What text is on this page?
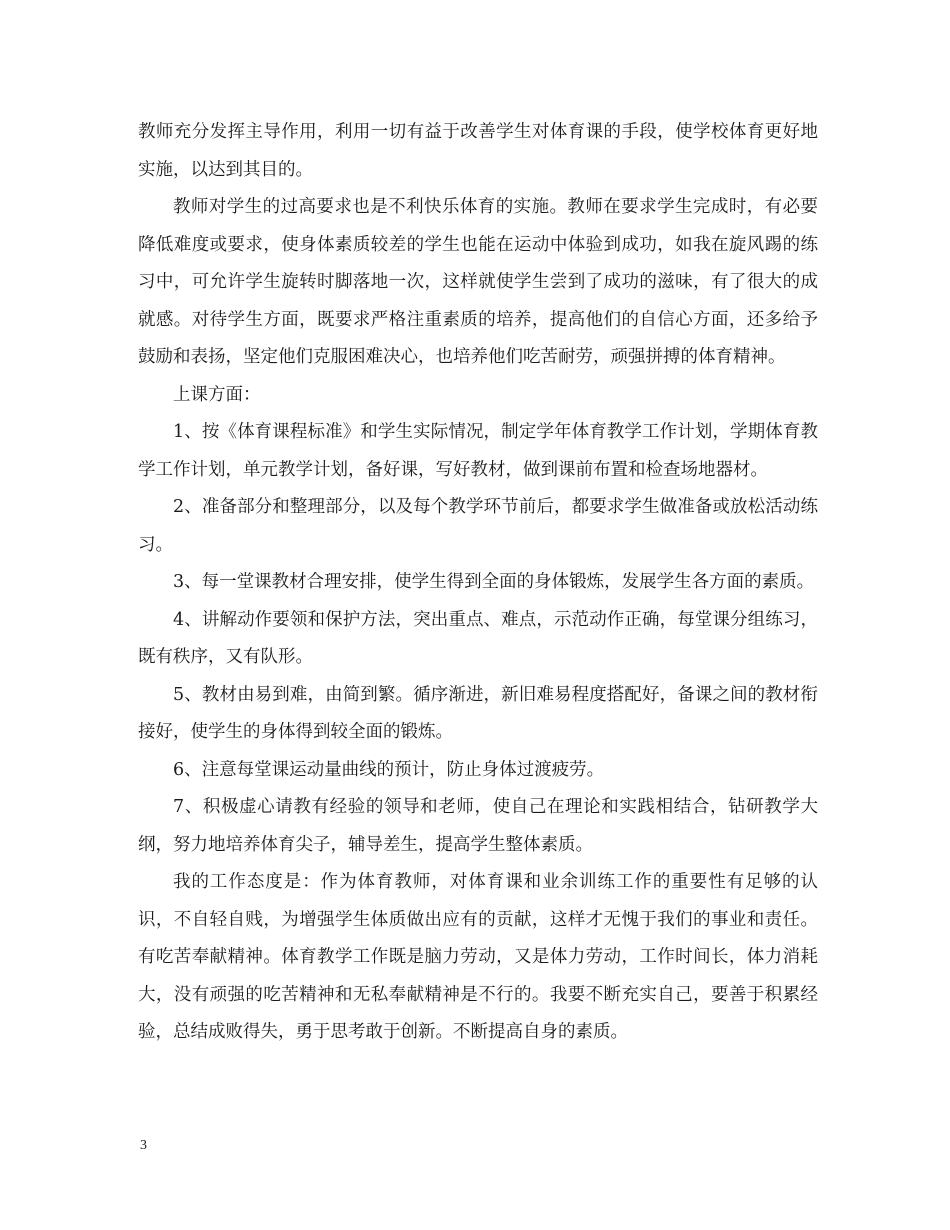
教师充分发挥主导作用，利用一切有益于改善学生对体育课的手段，使学校体育更好地实施，以达到其目的。

教师对学生的过高要求也是不利快乐体育的实施。教师在要求学生完成时，有必要降低难度或要求，使身体素质较差的学生也能在运动中体验到成功，如我在旋风踢的练习中，可允许学生旋转时脚落地一次，这样就使学生尝到了成功的滋味，有了很大的成就感。对待学生方面，既要求严格注重素质的培养，提高他们的自信心方面，还多给予鼓励和表扬，坚定他们克服困难决心，也培养他们吃苦耐劳，顽强拼搏的体育精神。

上课方面：

1、按《体育课程标准》和学生实际情况，制定学年体育教学工作计划，学期体育教学工作计划，单元教学计划，备好课，写好教材，做到课前布置和检查场地器材。

2、准备部分和整理部分，以及每个教学环节前后，都要求学生做准备或放松活动练习。

3、每一堂课教材合理安排，使学生得到全面的身体锻炼，发展学生各方面的素质。

4、讲解动作要领和保护方法，突出重点、难点，示范动作正确，每堂课分组练习，既有秩序，又有队形。

5、教材由易到难，由简到繁。循序渐进，新旧难易程度搭配好，备课之间的教材衔接好，使学生的身体得到较全面的锻炼。

6、注意每堂课运动量曲线的预计，防止身体过渡疲劳。

7、积极虚心请教有经验的领导和老师，使自己在理论和实践相结合，钻研教学大纲，努力地培养体育尖子，辅导差生，提高学生整体素质。

我的工作态度是：作为体育教师，对体育课和业余训练工作的重要性有足够的认识，不自轻自贱，为增强学生体质做出应有的贡献，这样才无愧于我们的事业和责任。有吃苦奉献精神。体育教学工作既是脑力劳动，又是体力劳动，工作时间长，体力消耗大，没有顽强的吃苦精神和无私奉献精神是不行的。我要不断充实自己，要善于积累经验，总结成败得失，勇于思考敢于创新。不断提高自身的素质。

3
